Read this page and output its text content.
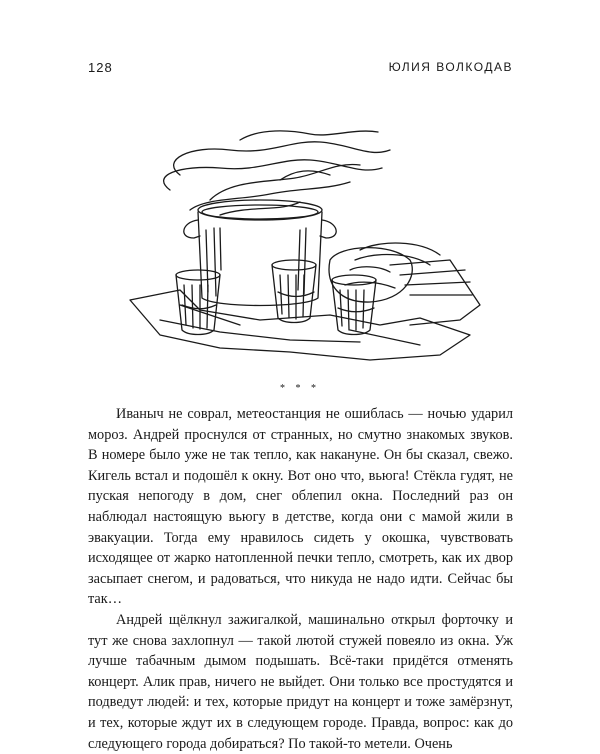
128	ЮЛИЯ ВОЛКОДАВ
* * *

Иваныч не соврал, метеостанция не ошиблась — ночью ударил мороз. Андрей проснулся от странных, но смутно знакомых звуков. В номере было уже не так тепло, как накануне. Он бы сказал, свежо. Кигель встал и подошёл к окну. Вот оно что, вьюга! Стёкла гудят, не пуская непогоду в дом, снег облепил окна. Последний раз он наблюдал настоящую вьюгу в детстве, когда они с мамой жили в эвакуации. Тогда ему нравилось сидеть у окошка, чувствовать исходящее от жарко натопленной печки тепло, смотреть, как их двор засыпает снегом, и радоваться, что никуда не надо идти. Сейчас бы так…

Андрей щёлкнул зажигалкой, машинально открыл форточку и тут же снова захлопнул — такой лютой стужей повеяло из окна. Уж лучше табачным дымом подышать. Всё-таки придётся отменять концерт. Алик прав, ничего не выйдет. Они только все простудятся и подведут людей: и тех, которые придут на концерт и тоже замёрзнут, и тех, которые ждут их в следующем городе. Правда, вопрос: как до следующего города добираться? По такой-то метели. Очень
